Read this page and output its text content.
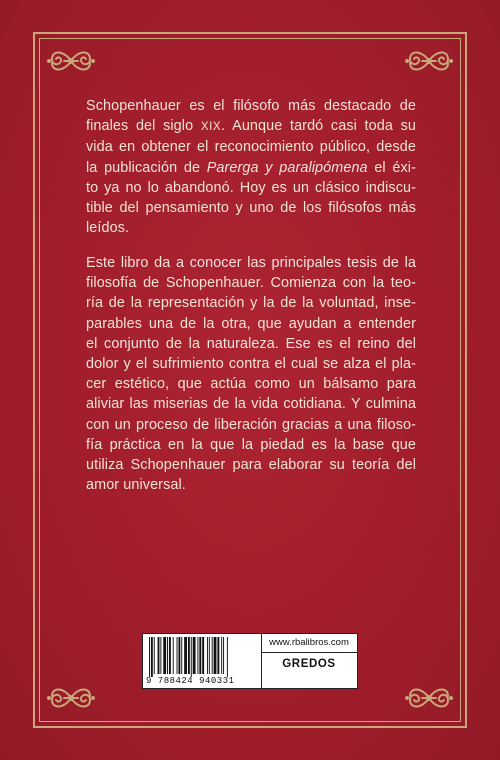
Schopenhauer es el filósofo más destacado de
finales del siglo XIX. Aunque tardó casi toda su
vida en obtener el reconocimiento público, desde
la publicación de Parerga y paralipómena el éxi-
to ya no lo abandonó. Hoy es un clásico indiscu-
tible del pensamiento y uno de los filósofos más
leídos.
Este libro da a conocer las principales tesis de la
filosofía de Schopenhauer. Comienza con la teo-
ría de la representación y la de la voluntad, inse-
parables una de la otra, que ayudan a entender
el conjunto de la naturaleza. Ese es el reino del
dolor y el sufrimiento contra el cual se alza el pla-
cer estético, que actúa como un bálsamo para
aliviar las miserias de la vida cotidiana. Y culmina
con un proceso de liberación gracias a una filoso-
fía práctica en la que la piedad es la base que
utiliza Schopenhauer para elaborar su teoría del
amor universal.
9 788424 940331
www.rbalibros.com
GREDOS
